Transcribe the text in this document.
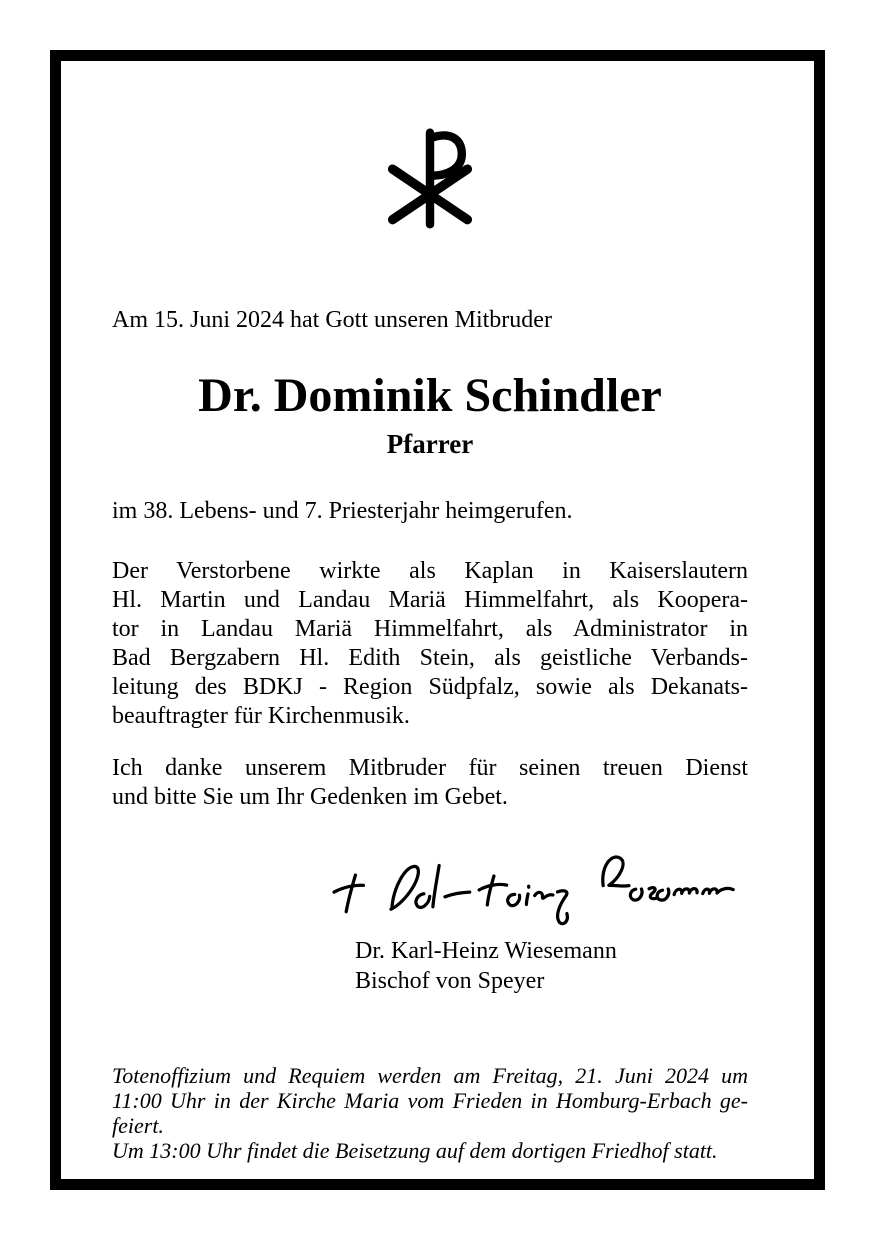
Am 15. Juni 2024 hat Gott unseren Mitbruder
Dr. Dominik Schindler
Pfarrer
im 38. Lebens- und 7. Priesterjahr heimgerufen.
Der Verstorbene wirkte als Kaplan in Kaiserslautern
Hl. Martin und Landau Mariä Himmelfahrt, als Koopera-
tor in Landau Mariä Himmelfahrt, als Administrator in
Bad Bergzabern Hl. Edith Stein, als geistliche Verbands-
leitung des BDKJ - Region Südpfalz, sowie als Dekanats-
beauftragter für Kirchenmusik.
Ich danke unserem Mitbruder für seinen treuen Dienst
und bitte Sie um Ihr Gedenken im Gebet.
Dr. Karl-Heinz Wiesemann
Bischof von Speyer
Totenoffizium und Requiem werden am Freitag, 21. Juni 2024 um
11:00 Uhr in der Kirche Maria vom Frieden in Homburg-Erbach ge-
feiert.
Um 13:00 Uhr findet die Beisetzung auf dem dortigen Friedhof statt.
